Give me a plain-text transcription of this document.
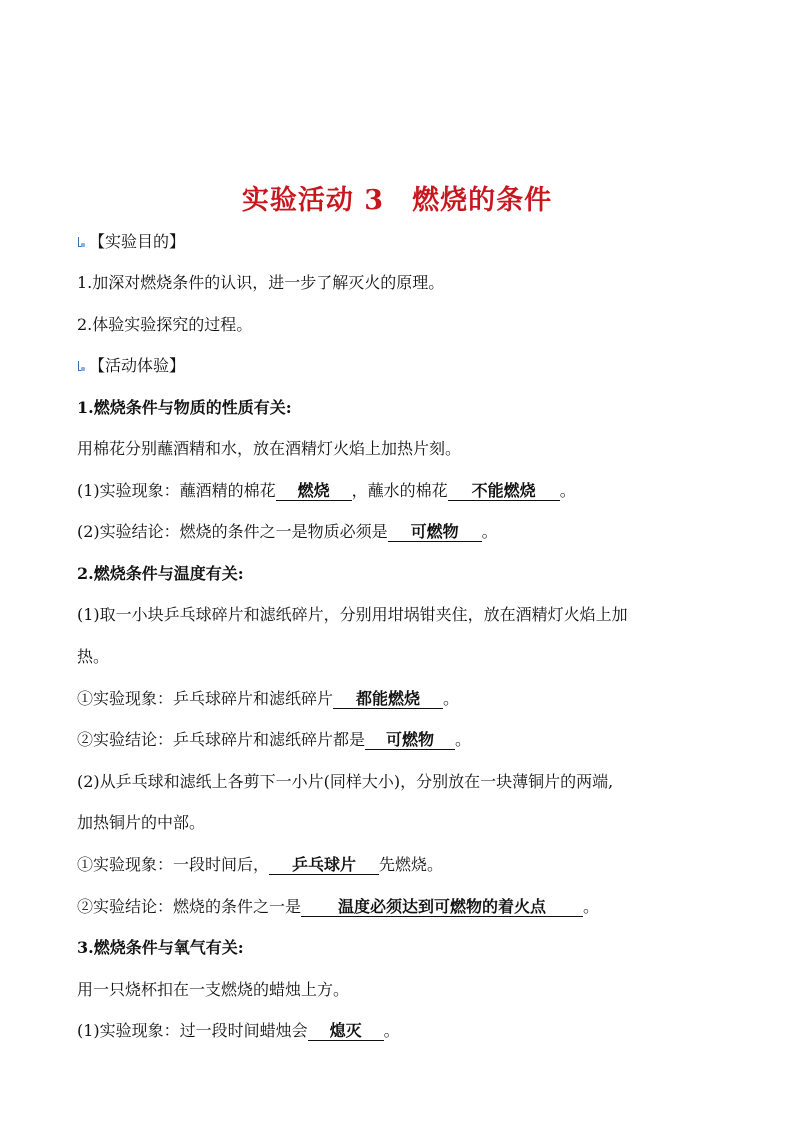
实验活动 3　燃烧的条件
【实验目的】
1.加深对燃烧条件的认识，进一步了解灭火的原理。
2.体验实验探究的过程。
【活动体验】
1.燃烧条件与物质的性质有关:
用棉花分别蘸酒精和水，放在酒精灯火焰上加热片刻。
(1)实验现象：蘸酒精的棉花 燃烧 ，蘸水的棉花 不能燃烧 。
(2)实验结论：燃烧的条件之一是物质必须是 可燃物 。
2.燃烧条件与温度有关:
(1)取一小块乒乓球碎片和滤纸碎片，分别用坩埚钳夹住，放在酒精灯火焰上加
热。
①实验现象：乒乓球碎片和滤纸碎片 都能燃烧 。
②实验结论：乒乓球碎片和滤纸碎片都是 可燃物 。
(2)从乒乓球和滤纸上各剪下一小片(同样大小)，分别放在一块薄铜片的两端,
加热铜片的中部。
①实验现象：一段时间后， 乒乓球片 先燃烧。
②实验结论：燃烧的条件之一是 温度必须达到可燃物的着火点 。
3.燃烧条件与氧气有关:
用一只烧杯扣在一支燃烧的蜡烛上方。
(1)实验现象：过一段时间蜡烛会 熄灭 。
